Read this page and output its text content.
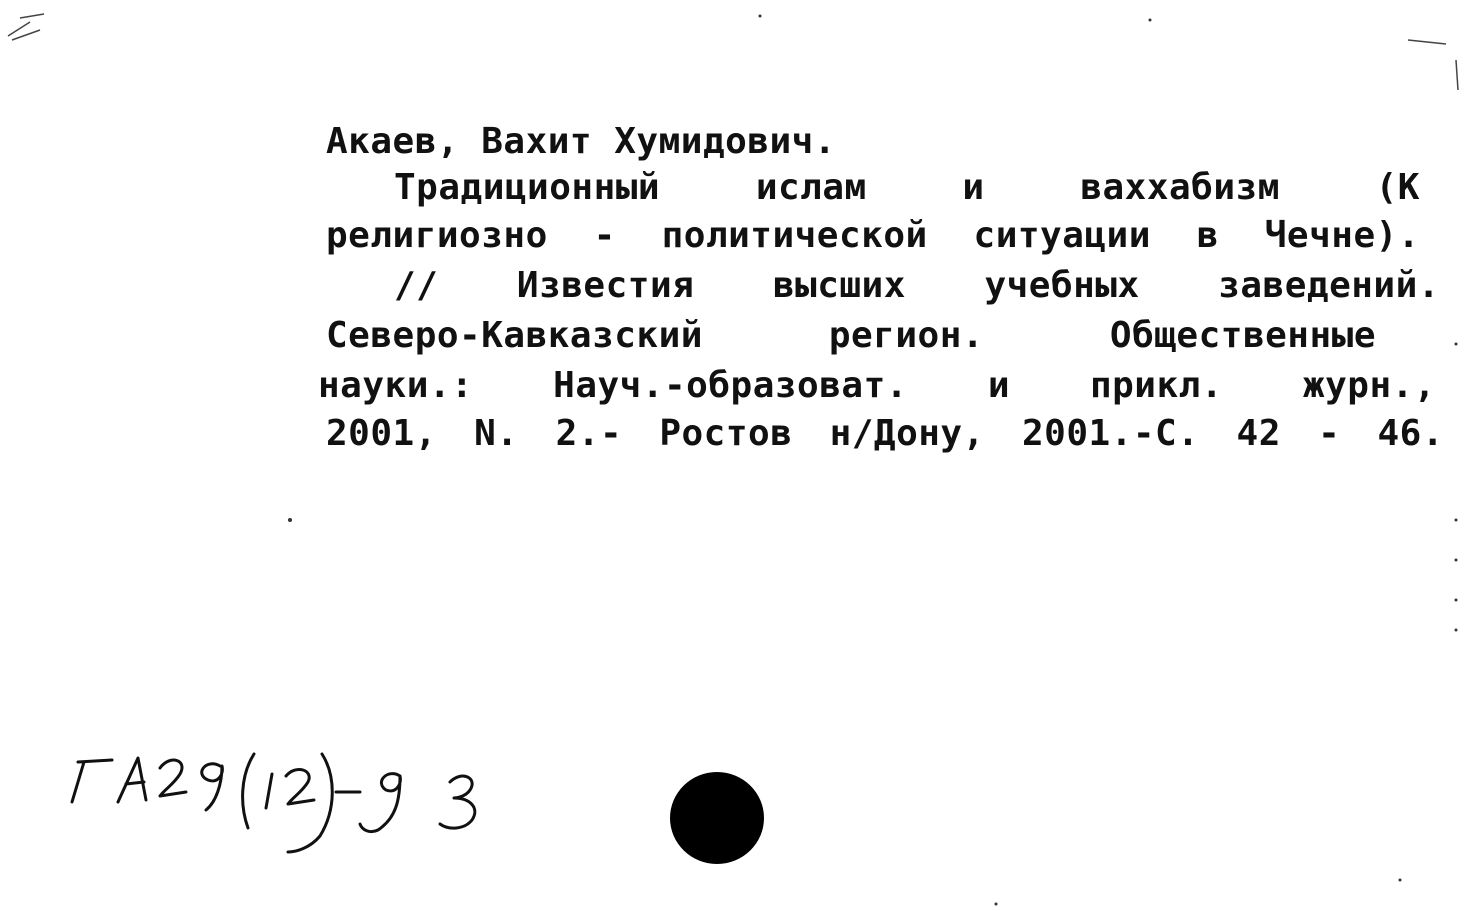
Акаев, Вахит Хумидович.
Традиционный	ислам	и	ваххабизм	(К
религиозно - политической ситуации в Чечне).
// Известия высших учебных заведений.
Северо-Кавказский	регион.	Общественные
науки.: Науч.-образоват. и прикл. журн.,
2001, N. 2.- Ростов н/Дону, 2001.-С. 42 - 46.
